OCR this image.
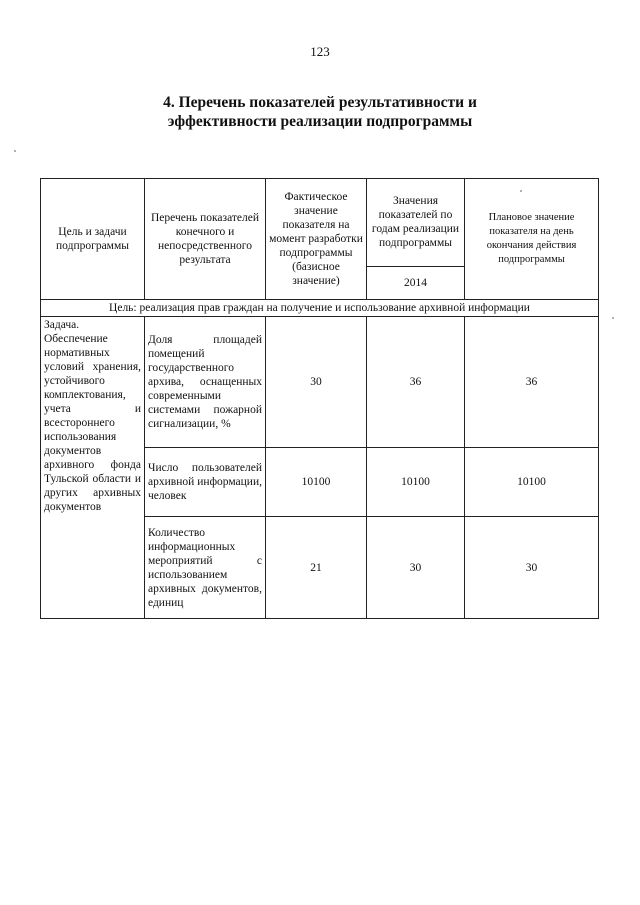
123
4. Перечень показателей результативности и
эффективности реализации подпрограммы
Цель и задачи подпрограммы	Перечень показателей конечного и непосредственного результата	Фактическое значение показателя на момент разработки подпрограммы (базисное значение)	Значения показателей по годам реализации подпрограммы	Плановое значение показателя на день окончания действия подпрограммы
			2014	
Цель: реализация прав граждан на получение и использование архивной информации				
Задача. Обеспечение нормативных условий хранения, устойчивого комплектования, учета и всестороннего использования документов архивного фонда Тульской области и других архивных документов	Доля площадей помещений государственного архива, оснащенных современными системами пожарной сигнализации, %	30	36	36
	Число пользователей архивной информации, человек	10100	10100	10100
	Количество информационных мероприятий с использованием архивных документов, единиц	21	30	30
